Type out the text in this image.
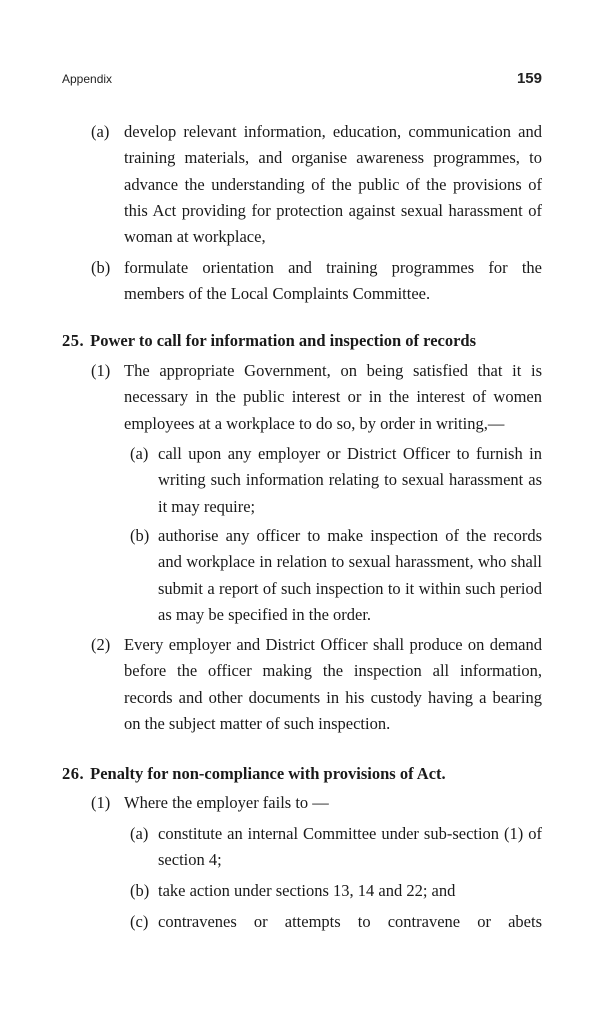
Appendix	159
(a) develop relevant information, education, communication and training materials, and organise awareness programmes, to advance the understanding of the public of the provisions of this Act providing for protection against sexual harassment of woman at workplace,
(b) formulate orientation and training programmes for the members of the Local Complaints Committee.
25. Power to call for information and inspection of records
(1) The appropriate Government, on being satisfied that it is necessary in the public interest or in the interest of women employees at a workplace to do so, by order in writing,—
(a) call upon any employer or District Officer to furnish in writing such information relating to sexual harassment as it may require;
(b) authorise any officer to make inspection of the records and workplace in relation to sexual harassment, who shall submit a report of such inspection to it within such period as may be specified in the order.
(2) Every employer and District Officer shall produce on demand before the officer making the inspection all information, records and other documents in his custody having a bearing on the subject matter of such inspection.
26. Penalty for non-compliance with provisions of Act.
(1) Where the employer fails to —
(a) constitute an internal Committee under sub-section (1) of section 4;
(b) take action under sections 13, 14 and 22; and
(c) contravenes or attempts to contravene or abets
